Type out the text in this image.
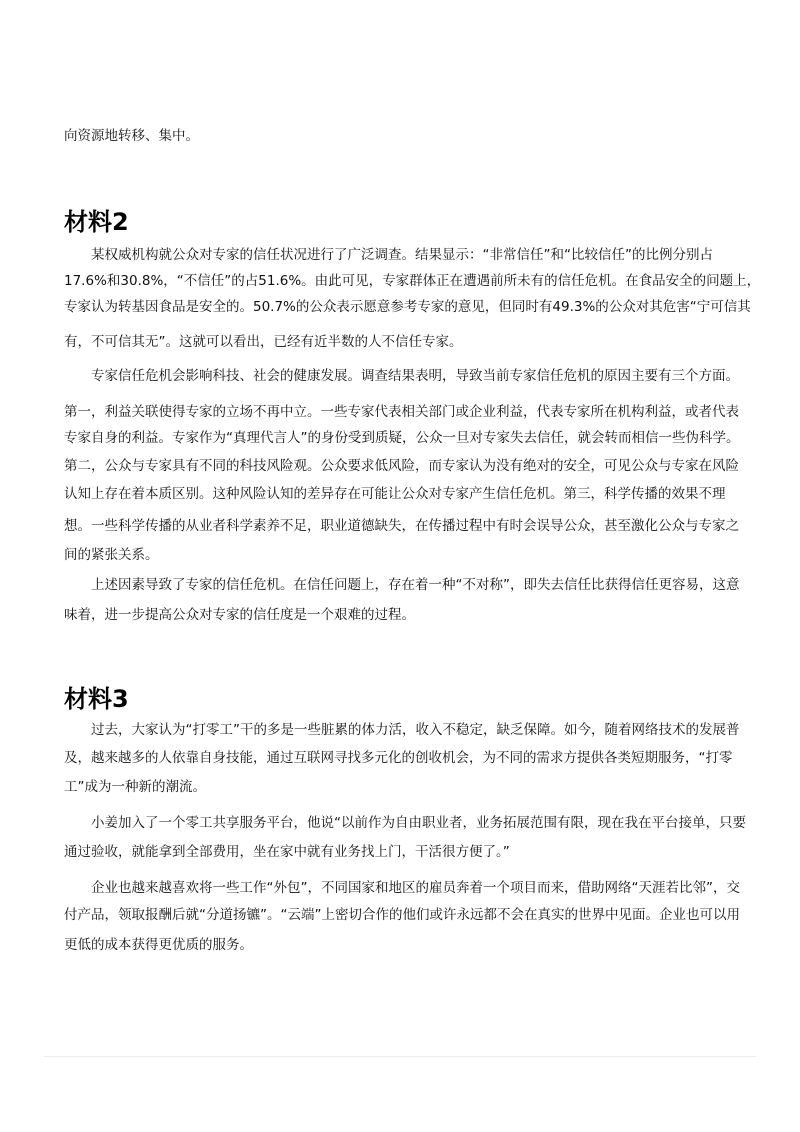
向资源地转移、集中。
材料2
某权威机构就公众对专家的信任状况进行了广泛调查。结果显示：“非常信任”和“比较信任”的比例分别占
17.6%和30.8%，“不信任”的占51.6%。由此可见，专家群体正在遭遇前所未有的信任危机。在食品安全的问题上，
专家认为转基因食品是安全的。50.7%的公众表示愿意参考专家的意见，但同时有49.3%的公众对其危害“宁可信其
有，不可信其无”。这就可以看出，已经有近半数的人不信任专家。
专家信任危机会影响科技、社会的健康发展。调查结果表明，导致当前专家信任危机的原因主要有三个方面。
第一，利益关联使得专家的立场不再中立。一些专家代表相关部门或企业利益，代表专家所在机构利益，或者代表
专家自身的利益。专家作为“真理代言人”的身份受到质疑，公众一旦对专家失去信任，就会转而相信一些伪科学。
第二，公众与专家具有不同的科技风险观。公众要求低风险，而专家认为没有绝对的安全，可见公众与专家在风险
认知上存在着本质区别。这种风险认知的差异存在可能让公众对专家产生信任危机。第三，科学传播的效果不理
想。一些科学传播的从业者科学素养不足，职业道德缺失，在传播过程中有时会误导公众，甚至激化公众与专家之
间的紧张关系。
上述因素导致了专家的信任危机。在信任问题上，存在着一种“不对称”，即失去信任比获得信任更容易，这意
味着，进一步提高公众对专家的信任度是一个艰难的过程。
材料3
过去，大家认为“打零工”干的多是一些脏累的体力活，收入不稳定，缺乏保障。如今，随着网络技术的发展普
及，越来越多的人依靠自身技能，通过互联网寻找多元化的创收机会，为不同的需求方提供各类短期服务，“打零
工”成为一种新的潮流。
小姜加入了一个零工共享服务平台，他说“以前作为自由职业者，业务拓展范围有限，现在我在平台接单，只要
通过验收，就能拿到全部费用，坐在家中就有业务找上门，干活很方便了。”
企业也越来越喜欢将一些工作“外包”，不同国家和地区的雇员奔着一个项目而来，借助网络“天涯若比邻”，交
付产品，领取报酬后就“分道扬镳”。“云端”上密切合作的他们或许永远都不会在真实的世界中见面。企业也可以用
更低的成本获得更优质的服务。
